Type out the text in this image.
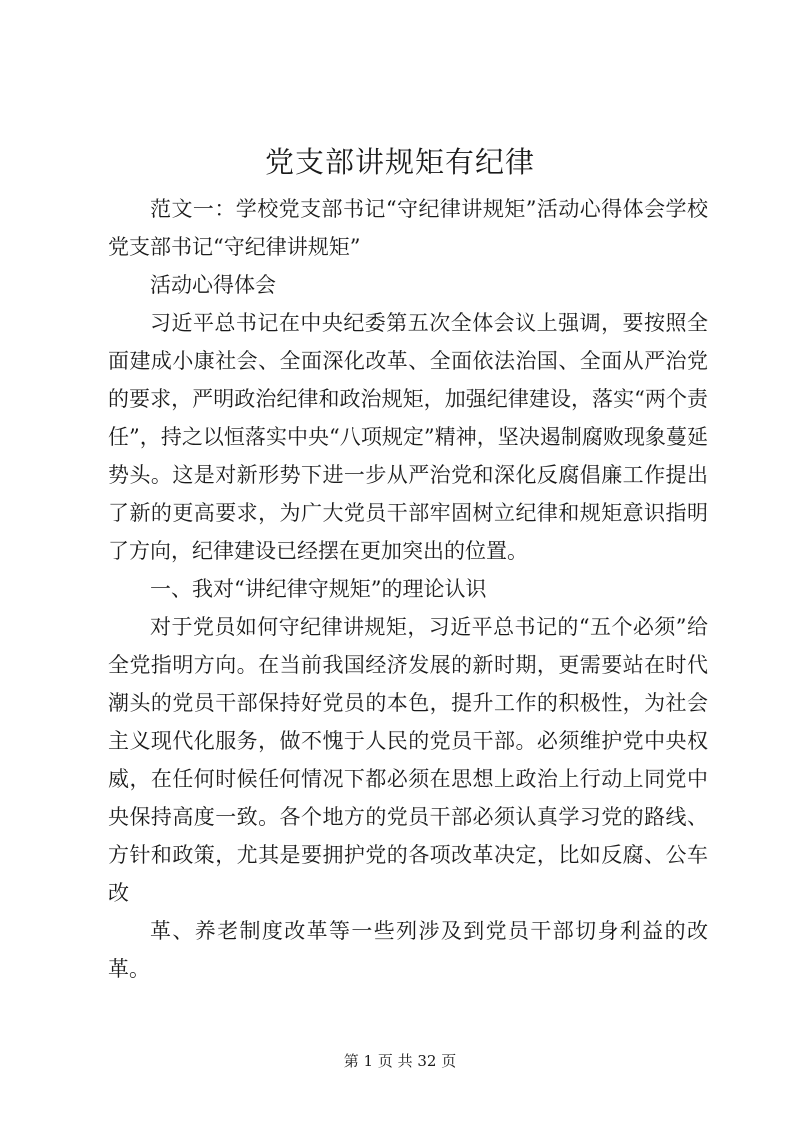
党支部讲规矩有纪律

范文一：学校党支部书记“守纪律讲规矩”活动心得体会学校党支部书记“守纪律讲规矩”

活动心得体会

习近平总书记在中央纪委第五次全体会议上强调，要按照全面建成小康社会、全面深化改革、全面依法治国、全面从严治党的要求，严明政治纪律和政治规矩，加强纪律建设，落实“两个责任”，持之以恒落实中央“八项规定”精神，坚决遏制腐败现象蔓延势头。这是对新形势下进一步从严治党和深化反腐倡廉工作提出了新的更高要求，为广大党员干部牢固树立纪律和规矩意识指明了方向，纪律建设已经摆在更加突出的位置。

一、我对“讲纪律守规矩”的理论认识

对于党员如何守纪律讲规矩，习近平总书记的“五个必须”给全党指明方向。在当前我国经济发展的新时期，更需要站在时代潮头的党员干部保持好党员的本色，提升工作的积极性，为社会主义现代化服务，做不愧于人民的党员干部。必须维护党中央权威，在任何时候任何情况下都必须在思想上政治上行动上同党中央保持高度一致。各个地方的党员干部必须认真学习党的路线、方针和政策，尤其是要拥护党的各项改革决定，比如反腐、公车改

革、养老制度改革等一些列涉及到党员干部切身利益的改革。

第 1 页 共 32 页
